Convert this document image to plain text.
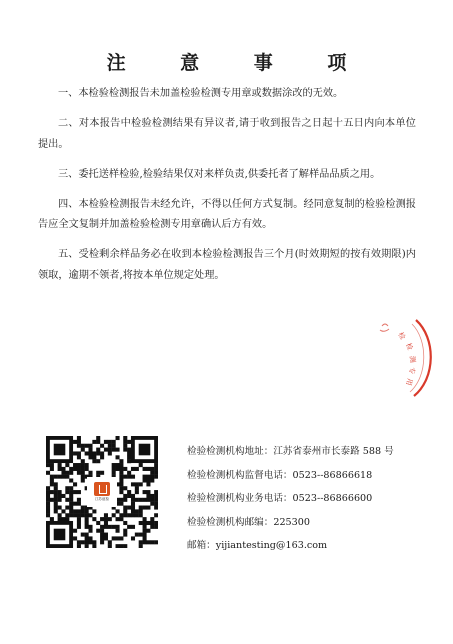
注 意 事 项

一、本检验检测报告未加盖检验检测专用章或数据涂改的无效。

二、对本报告中检验检测结果有异议者,请于收到报告之日起十五日内向本单位提出。

三、委托送样检验,检验结果仅对来样负责,供委托者了解样品品质之用。

四、本检验检测报告未经允许，不得以任何方式复制。经同意复制的检验检测报告应全文复制并加盖检验检测专用章确认后方有效。

五、受检剩余样品务必在收到本检验检测报告三个月(时效期短的按有效期限)内领取，逾期不领者,将按本单位规定处理。

检
检
测
专
用
江苏谊检
检验检测机构地址：江苏省泰州市长泰路 588 号
检验检测机构监督电话：0523--86866618
检验检测机构业务电话：0523--86866600
检验检测机构邮编：225300
邮箱：yijiantesting@163.com
